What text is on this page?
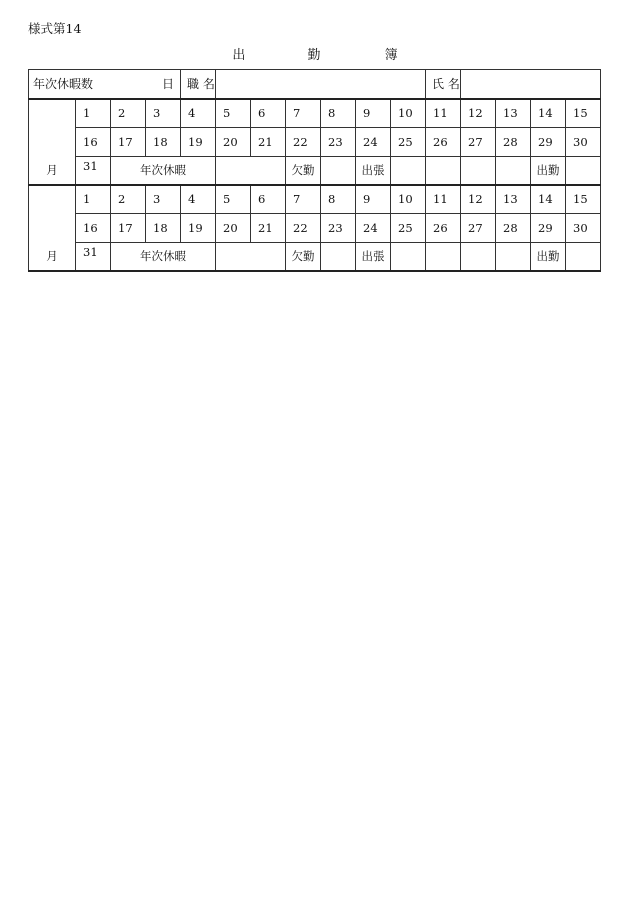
様式第14
出	勤	簿
年次休暇数		日		職 名							氏 名				

月	1	2	3	4	5	6	7	8	9	10	11	12	13	14	15
	16	17	18	19	20	21	22	23	24	25	26	27	28	29	30
	31	年次休暇					欠勤		出張					出勤	

月	1	2	3	4	5	6	7	8	9	10	11	12	13	14	15
	16	17	18	19	20	21	22	23	24	25	26	27	28	29	30
	31	年次休暇					欠勤		出張					出勤	
